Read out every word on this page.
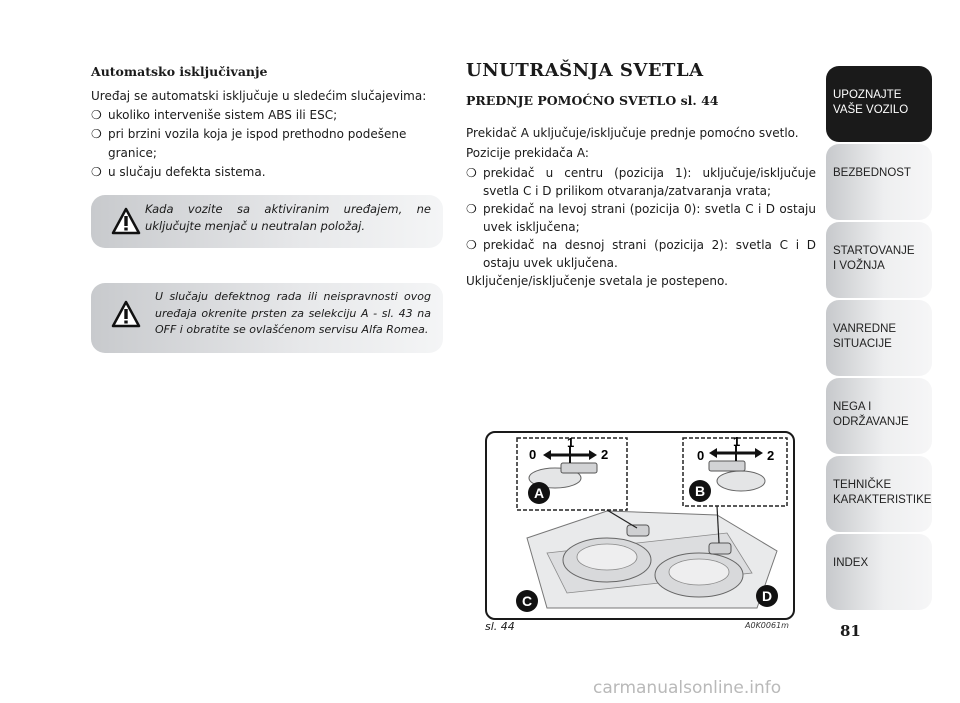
Automatsko isključivanje

Uređaj se automatski isključuje u sledećim slučajevima:

❍ ukoliko interveniše sistem ABS ili ESC;
❍ pri brzini vozila koja je ispod prethodno podešene granice;
❍ u slučaju defekta sistema.
Kada vozite sa aktiviranim uređajem, ne uključujte menjač u neutralan položaj.
U slučaju defektnog rada ili neispravnosti ovog uređaja okrenite prsten za selekciju A - sl. 43 na OFF i obratite se ovlašćenom servisu Alfa Romea.

UNUTRAŠNJA SVETLA

PREDNJE POMOĆNO SVETLO sl. 44

Prekidač A uključuje/isključuje prednje pomoćno svetlo.

Pozicije prekidača A:

❍ prekidač u centru (pozicija 1): uključuje/isključuje svetla C i D prilikom otvaranja/zatvaranja vrata;
❍ prekidač na levoj strani (pozicija 0): svetla C i D ostaju uvek isključena;
❍ prekidač na desnoj strani (pozicija 2): svetla C i D ostaju uvek uključena.

Uključenje/isključenje svetala je postepeno.

0
1
2	0
1
2
A	B
C	D
sl. 44	A0K0061m
UPOZNAJTE
VAŠE VOZILO
BEZBEDNOST
STARTOVANJE
I VOŽNJA
VANREDNE
SITUACIJE
NEGA I
ODRŽAVANJE
TEHNIČKE
KARAKTERISTIKE
INDEX
81
carmanualsonline.info
